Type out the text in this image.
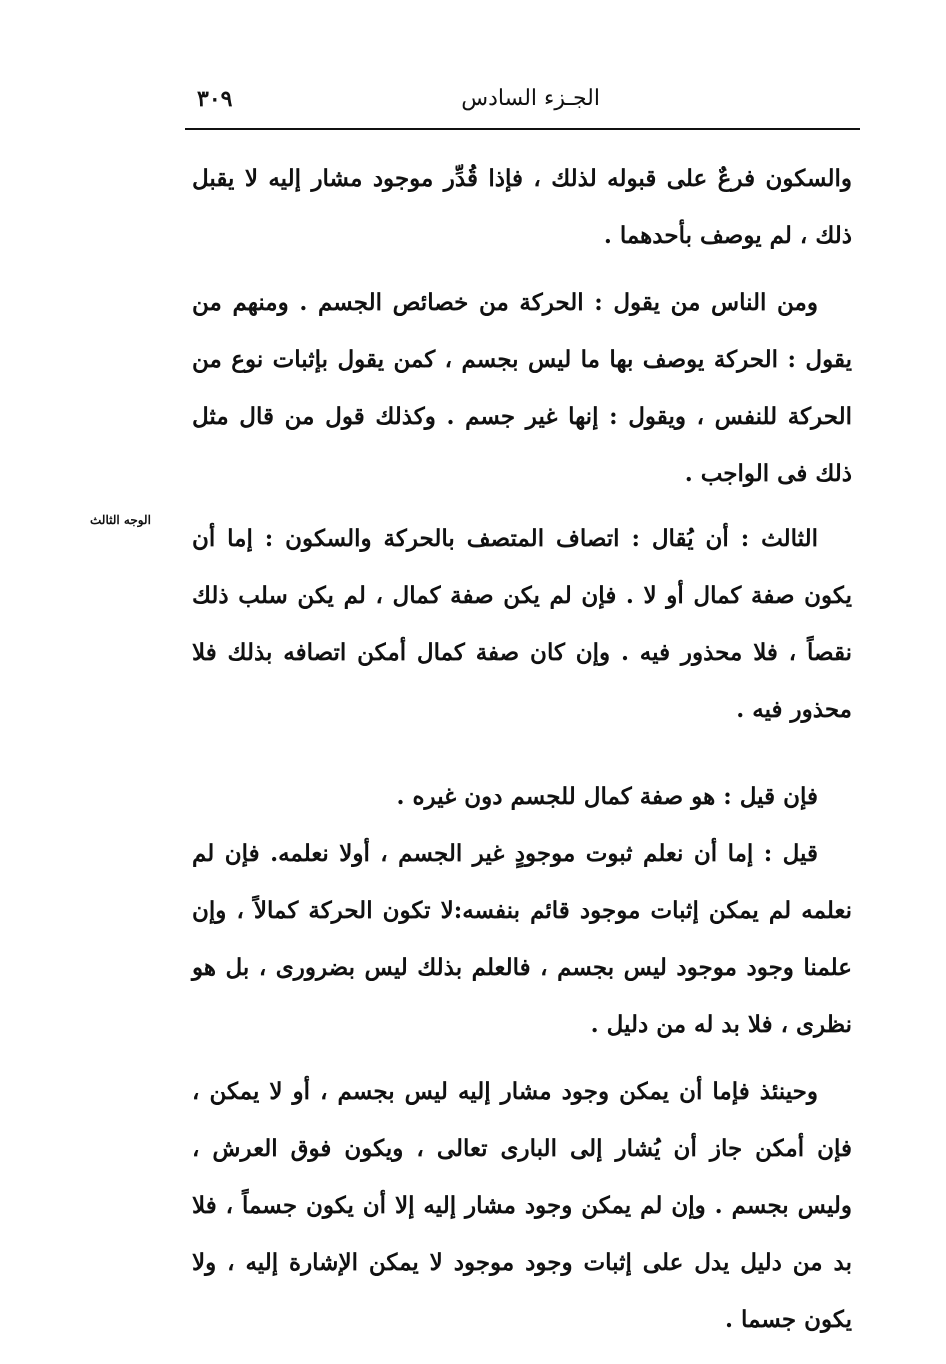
الجـزء السادس
٣٠٩
الوجه الثالث

والسكون فرعٌ على قبوله لذلك ، فإذا قُدِّر موجود مشار إليه لا يقبل ذلك ، لم يوصف بأحدهما .

ومن الناس من يقول : الحركة من خصائص الجسم . ومنهم من يقول : الحركة يوصف بها ما ليس بجسم ، كمن يقول بإثبات نوع من الحركة للنفس ، ويقول : إنها غير جسم . وكذلك قول من قال مثل ذلك فى الواجب .

الثالث : أن يُقال : اتصاف المتصف بالحركة والسكون : إما أن يكون صفة كمال أو لا . فإن لم يكن صفة كمال ، لم يكن سلب ذلك نقصاً ، فلا محذور فيه . وإن كان صفة كمال أمكن اتصافه بذلك فلا محذور فيه .

فإن قيل : هو صفة كمال للجسم دون غيره .

قيل : إما أن نعلم ثبوت موجودٍ غير الجسم ، أولا نعلمه. فإن لم نعلمه لم يمكن إثبات موجود قائم بنفسه:لا تكون الحركة كمالاً ، وإن علمنا وجود موجود ليس بجسم ، فالعلم بذلك ليس بضرورى ، بل هو نظرى ، فلا بد له من دليل .

وحينئذ فإما أن يمكن وجود مشار إليه ليس بجسم ، أو لا يمكن ، فإن أمكن جاز أن يُشار إلى البارى تعالى ، ويكون فوق العرش ، وليس بجسم . وإن لم يمكن وجود مشار إليه إلا أن يكون جسماً ، فلا بد من دليل يدل على إثبات وجود موجود لا يمكن الإشارة إليه ، ولا يكون جسما .
